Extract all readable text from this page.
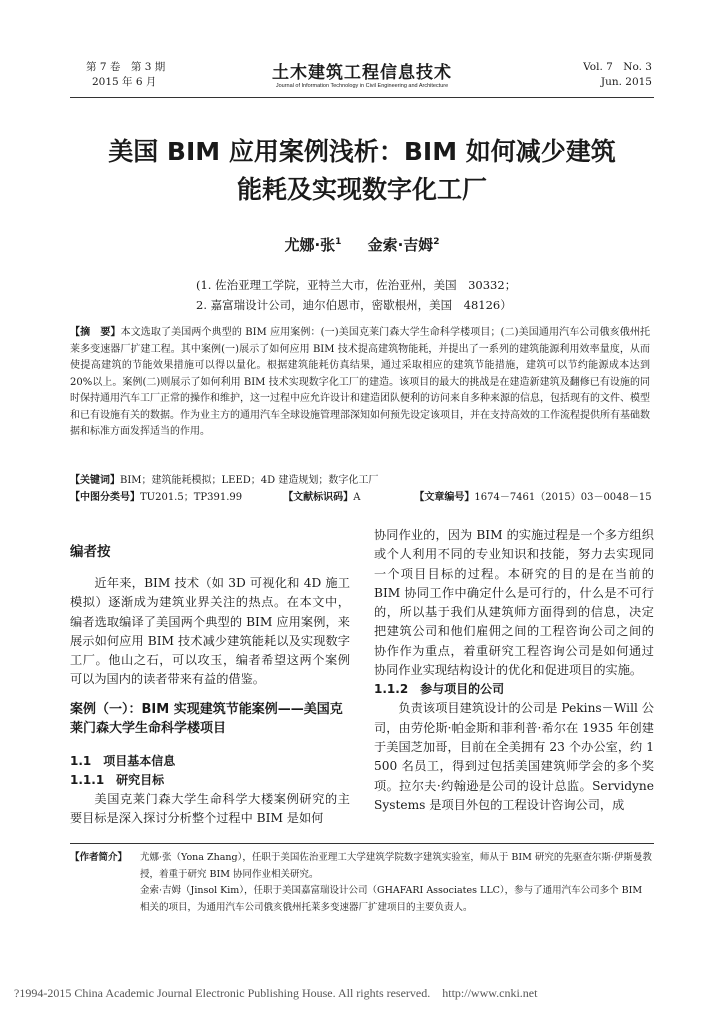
第 7 卷　第 3 期
2015 年 6 月	土木建筑工程信息技术
Journal of Information Technology in Civil Engineering and Architecture
Vol. 7　No. 3
Jun. 2015
美国 BIM 应用案例浅析：BIM 如何减少建筑
能耗及实现数字化工厂
尤娜·张$^1$ 金索·吉姆$^2$
(1. 佐治亚理工学院，亚特兰大市，佐治亚州，美国　30332；
2. 嘉富瑞设计公司，迪尔伯恩市，密歇根州，美国　48126）
【摘　要】本文选取了美国两个典型的 BIM 应用案例：(一)美国克莱门森大学生命科学楼项目；(二)美国通用汽车公司俄亥俄州托莱多变速器厂扩建工程。其中案例(一)展示了如何应用 BIM 技术提高建筑物能耗，并提出了一系列的建筑能源利用效率量度，从而使提高建筑的节能效果措施可以得以量化。根据建筑能耗仿真结果，通过采取相应的建筑节能措施，建筑可以节约能源成本达到 20%以上。案例(二)则展示了如何利用 BIM 技术实现数字化工厂的建造。该项目的最大的挑战是在建造新建筑及翻修已有设施的同时保持通用汽车工厂正常的操作和维护，这一过程中应允许设计和建造团队便利的访问来自多种来源的信息，包括现有的文件、模型和已有设施有关的数据。作为业主方的通用汽车全球设施管理部深知如何预先设定该项目，并在支持高效的工作流程提供所有基础数据和标准方面发挥适当的作用。
【关键词】BIM；建筑能耗模拟；LEED；4D 建造规划；数字化工厂
【中图分类号】TU201.5；TP391.99	【文献标识码】A	【文章编号】1674－7461（2015）03－0048－15
编者按
近年来，BIM 技术（如 3D 可视化和 4D 施工模拟）逐渐成为建筑业界关注的热点。在本文中，编者选取编译了美国两个典型的 BIM 应用案例，来展示如何应用 BIM 技术减少建筑能耗以及实现数字工厂。他山之石，可以攻玉，编者希望这两个案例可以为国内的读者带来有益的借鉴。
案例（一）：BIM 实现建筑节能案例——美国克莱门森大学生命科学楼项目
1.1　项目基本信息
1.1.1　研究目标
美国克莱门森大学生命科学大楼案例研究的主要目标是深入探讨分析整个过程中 BIM 是如何
协同作业的，因为 BIM 的实施过程是一个多方组织或个人利用不同的专业知识和技能，努力去实现同一个项目目标的过程。本研究的目的是在当前的 BIM 协同工作中确定什么是可行的，什么是不可行的，所以基于我们从建筑师方面得到的信息，决定把建筑公司和他们雇佣之间的工程咨询公司之间的协作作为重点，着重研究工程咨询公司是如何通过协同作业实现结构设计的优化和促进项目的实施。
1.1.2　参与项目的公司
负责该项目建筑设计的公司是 Pekins－Will 公司，由劳伦斯·帕金斯和菲利普·希尔在 1935 年创建于美国芝加哥，目前在全美拥有 23 个办公室，约 1 500 名员工，得到过包括美国建筑师学会的多个奖项。拉尔夫·约翰逊是公司的设计总监。Servidyne Systems 是项目外包的工程设计咨询公司，成
【作者简介】 尤娜·张（Yona Zhang），任职于美国佐治亚理工大学建筑学院数字建筑实验室，师从于 BIM 研究的先驱查尔斯·伊斯曼教授，着重于研究 BIM 协同作业相关研究。

金索·吉姆（Jinsol Kim），任职于美国嘉富瑞设计公司（GHAFARI Associates LLC），参与了通用汽车公司多个 BIM 相关的项目，为通用汽车公司俄亥俄州托莱多变速器厂扩建项目的主要负责人。

?1994-2015 China Academic Journal Electronic Publishing House. All rights reserved. http://www.cnki.net
